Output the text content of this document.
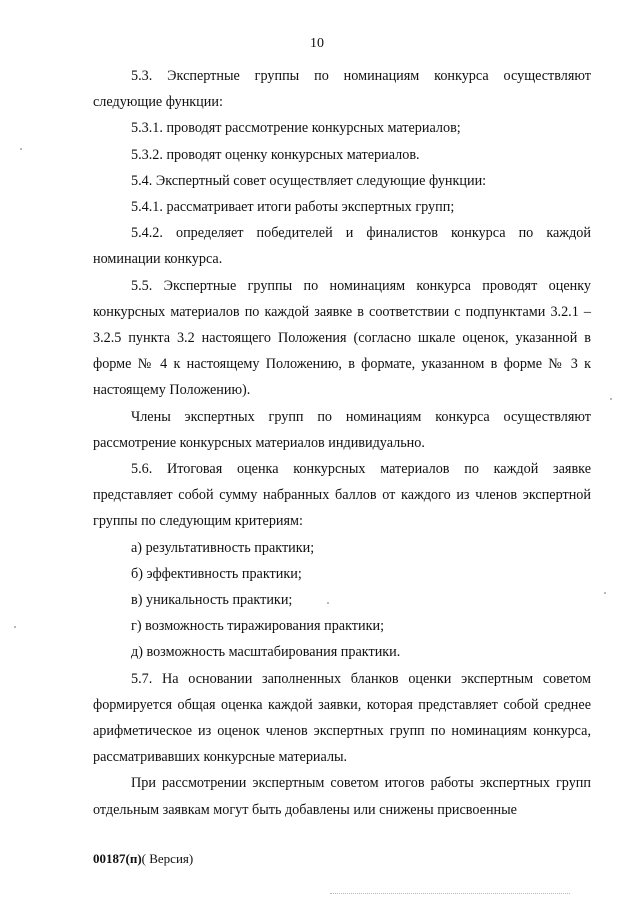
10

5.3. Экспертные группы по номинациям конкурса осуществляют следующие функции:

5.3.1. проводят рассмотрение конкурсных материалов;

5.3.2. проводят оценку конкурсных материалов.

5.4. Экспертный совет осуществляет следующие функции:

5.4.1. рассматривает итоги работы экспертных групп;

5.4.2. определяет победителей и финалистов конкурса по каждой номинации конкурса.

5.5. Экспертные группы по номинациям конкурса проводят оценку конкурсных материалов по каждой заявке в соответствии с подпунктами 3.2.1 – 3.2.5 пункта 3.2 настоящего Положения (согласно шкале оценок, указанной в форме № 4 к настоящему Положению, в формате, указанном в форме № 3 к настоящему Положению).

Члены экспертных групп по номинациям конкурса осуществляют рассмотрение конкурсных материалов индивидуально.

5.6. Итоговая оценка конкурсных материалов по каждой заявке представляет собой сумму набранных баллов от каждого из членов экспертной группы по следующим критериям:

а) результативность практики;

б) эффективность практики;

в) уникальность практики;

г) возможность тиражирования практики;

д) возможность масштабирования практики.

5.7. На основании заполненных бланков оценки экспертным советом формируется общая оценка каждой заявки, которая представляет собой среднее арифметическое из оценок членов экспертных групп по номинациям конкурса, рассматривавших конкурсные материалы.

При рассмотрении экспертным советом итогов работы экспертных групп отдельным заявкам могут быть добавлены или снижены присвоенные

00187(п)( Версия)
